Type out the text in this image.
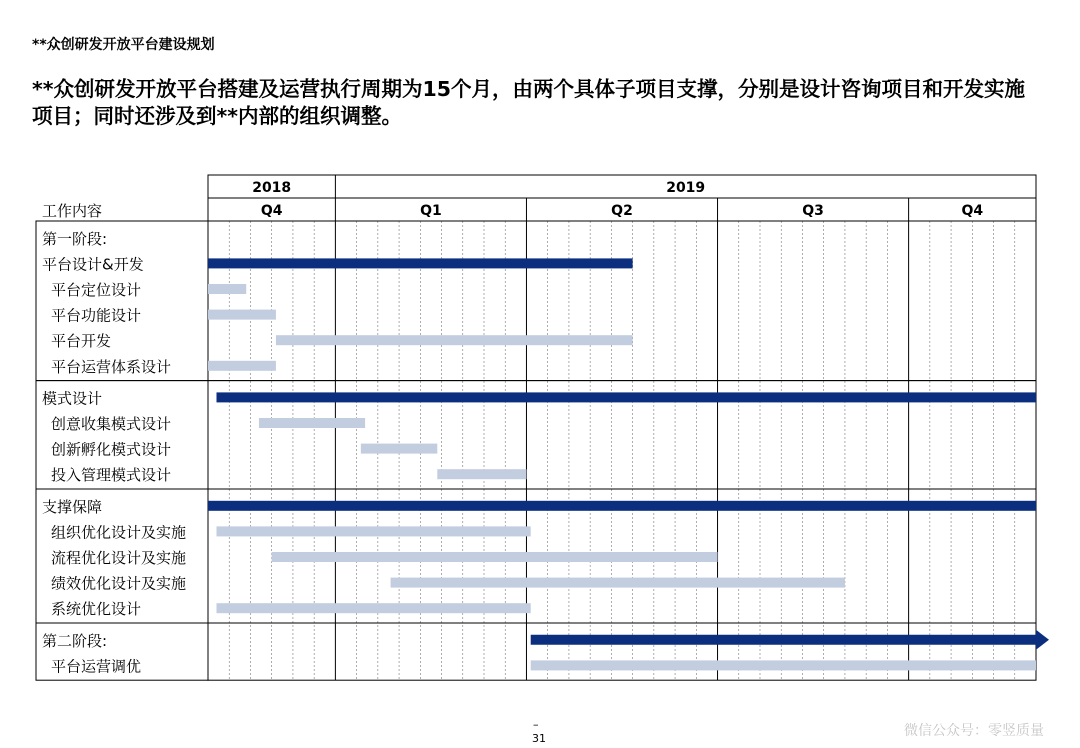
**众创研发开放平台建设规划
**众创研发开放平台搭建及运营执行周期为15个月，由两个具体子项目支撑，分别是设计咨询项目和开发实施项目；同时还涉及到**内部的组织调整。
2018	2019
Q4	Q1	Q2	Q3	Q4
工作内容
第一阶段:
平台设计&开发
平台定位设计
平台功能设计
平台开发
平台运营体系设计
模式设计
创意收集模式设计
创新孵化模式设计
投入管理模式设计
支撑保障
组织优化设计及实施
流程优化设计及实施
绩效优化设计及实施
系统优化设计
第二阶段:
平台运营调优
–
31	微信公众号：零竖质量
